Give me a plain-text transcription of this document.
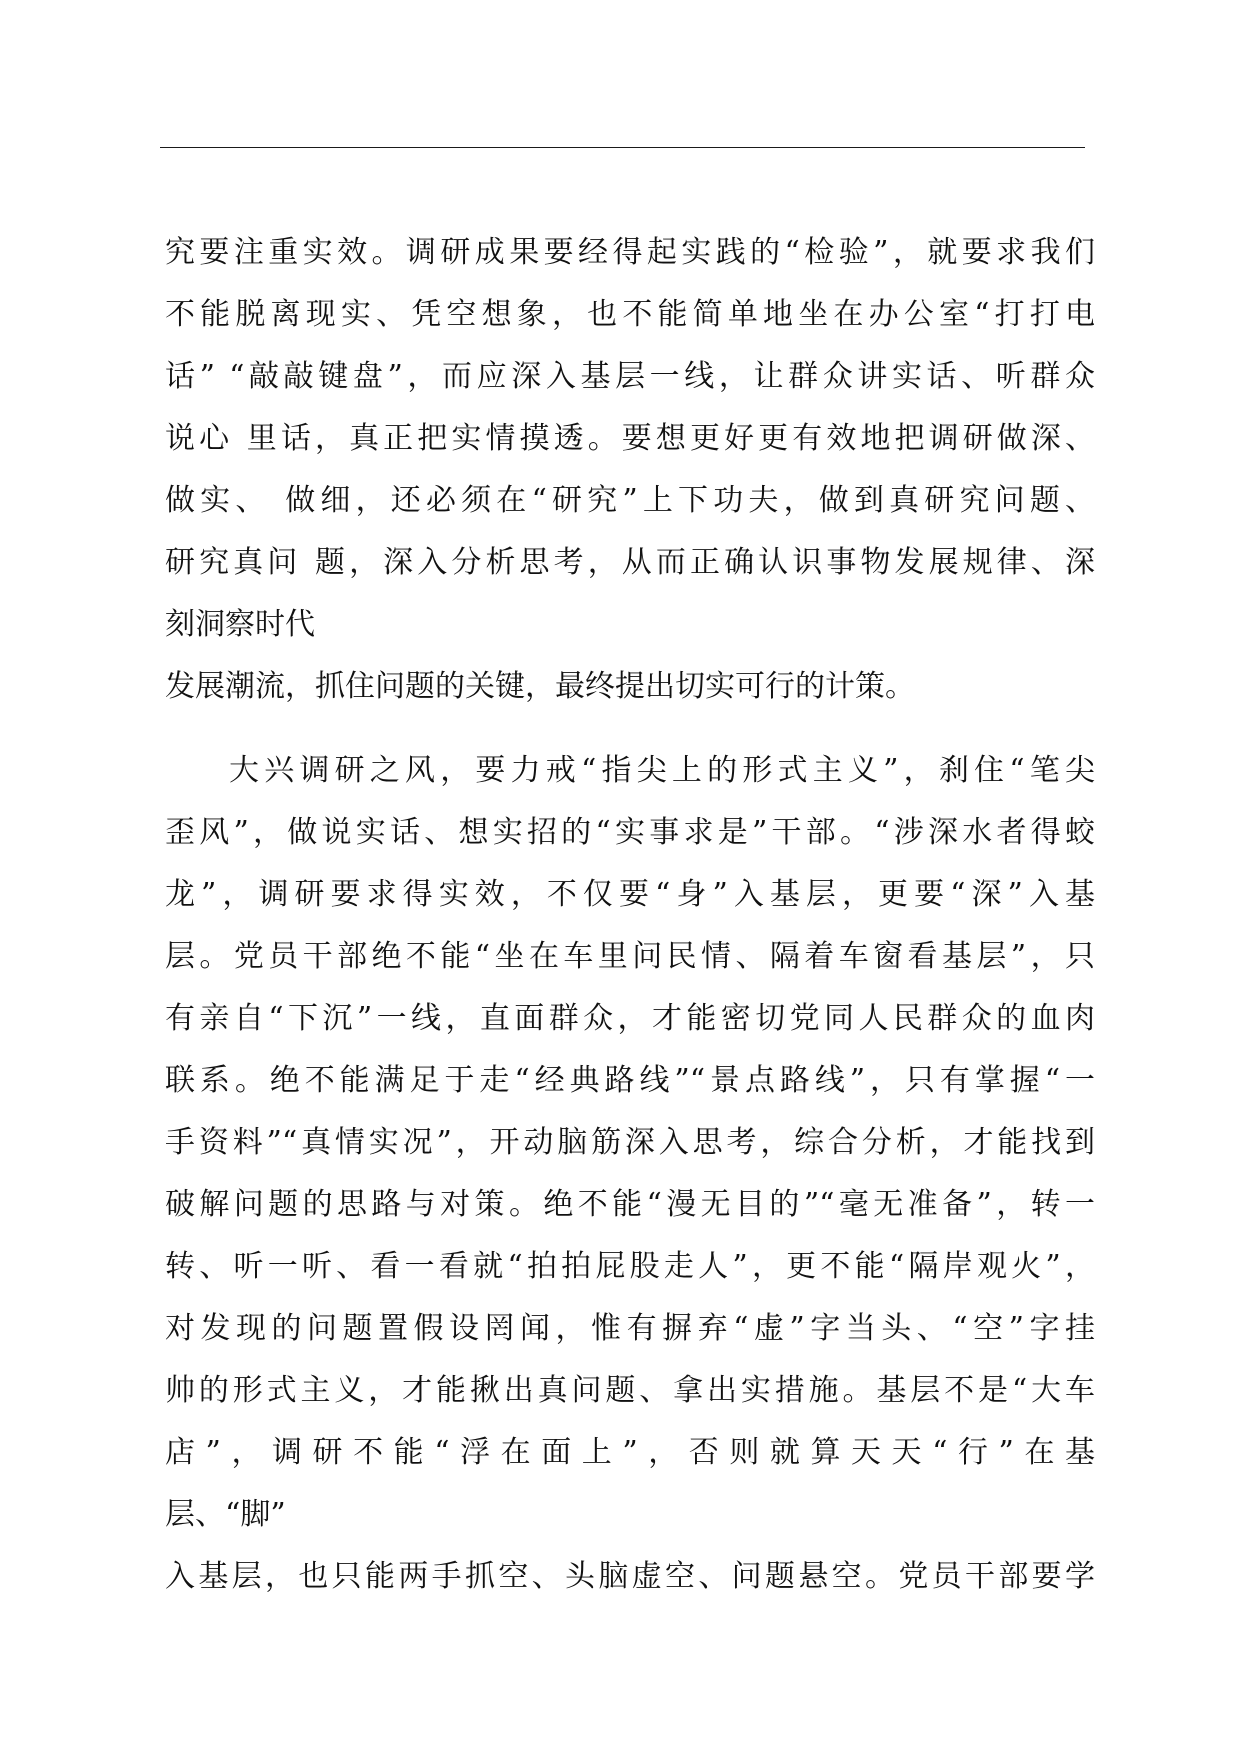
究要注重实效。调研成果要经得起实践的“检验”，就要求我们
不能脱离现实、凭空想象，也不能简单地坐在办公室“打打电
话” “敲敲键盘”，而应深入基层一线，让群众讲实话、听群众
说心 里话，真正把实情摸透。要想更好更有效地把调研做深、
做实、 做细，还必须在“研究”上下功夫，做到真研究问题、
研究真问 题，深入分析思考，从而正确认识事物发展规律、深
刻洞察时代
发展潮流，抓住问题的关键，最终提出切实可行的计策。
大兴调研之风，要力戒“指尖上的形式主义”，刹住“笔尖
歪风”，做说实话、想实招的“实事求是”干部。“涉深水者得蛟
龙”，调研要求得实效，不仅要“身”入基层，更要“深”入基
层。党员干部绝不能“坐在车里问民情、隔着车窗看基层”，只
有亲自“下沉”一线，直面群众，才能密切党同人民群众的血肉
联系。绝不能满足于走“经典路线”“景点路线”，只有掌握“一
手资料”“真情实况”，开动脑筋深入思考，综合分析，才能找到
破解问题的思路与对策。绝不能“漫无目的”“毫无准备”，转一
转、听一听、看一看就“拍拍屁股走人”，更不能“隔岸观火”，
对发现的问题置假设罔闻，惟有摒弃“虚”字当头、“空”字挂
帅的形式主义，才能揪出真问题、拿出实措施。基层不是“大车
店”，调研不能“浮在面上”，否则就算天天“行”在基
层、“脚”
入基层，也只能两手抓空、头脑虚空、问题悬空。党员干部要学
